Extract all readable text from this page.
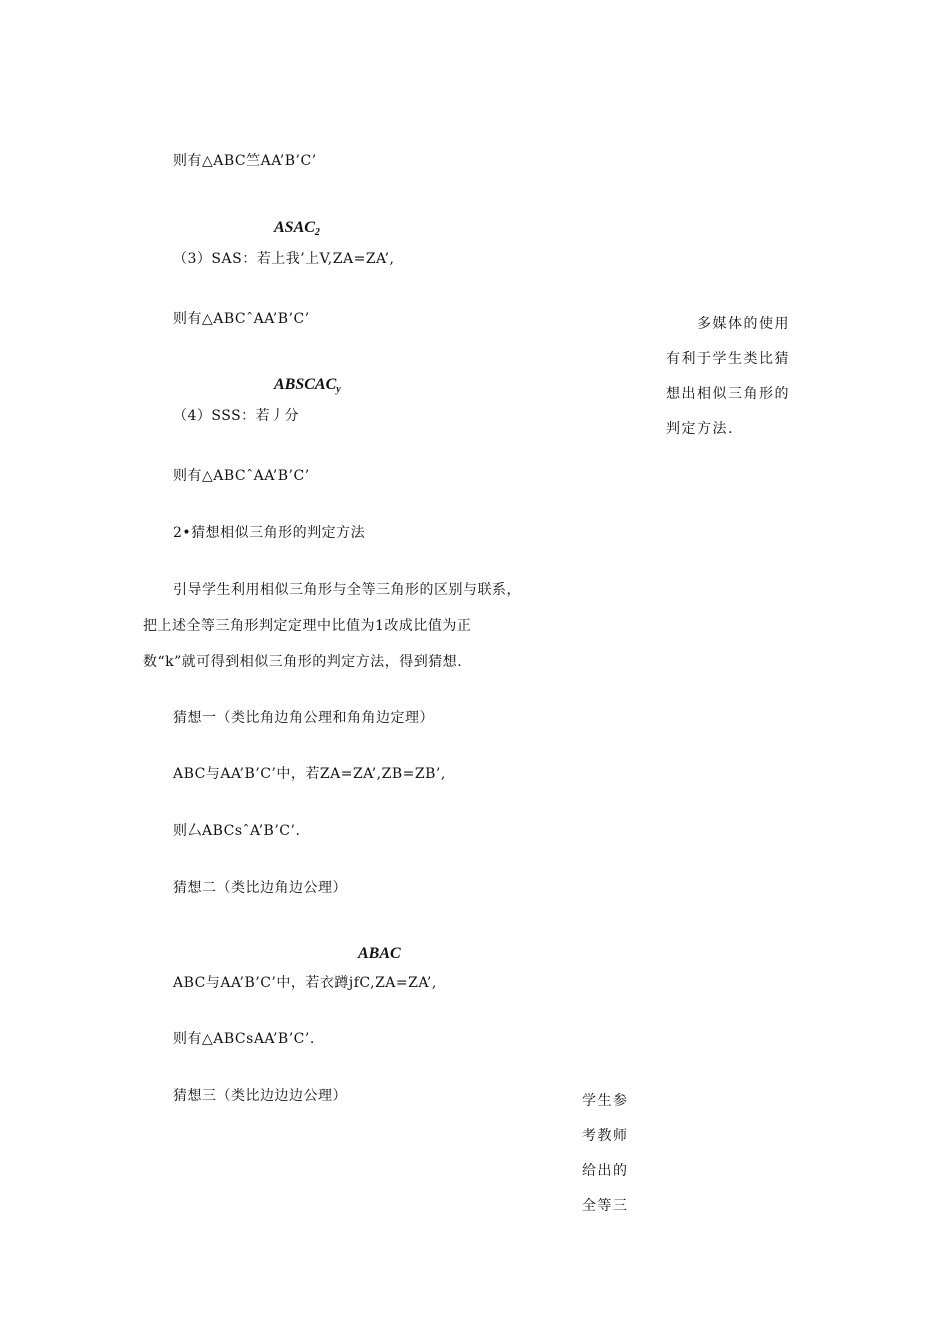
则有△ABC竺AA’B’C’
$ASAC_2$
（3）SAS：若上我’上V,ZA=ZA’,
则有△ABCˆAA’B’C’
$ABSCAC_y$
（4）SSS：若丿分
则有△ABCˆAA’B’C’
2•猜想相似三角形的判定方法
引导学生利用相似三角形与全等三角形的区别与联系，
把上述全等三角形判定定理中比值为1改成比值为正
数“k”就可得到相似三角形的判定方法，得到猜想.
猜想一（类比角边角公理和角角边定理）
ABC与AA’B’C’中，若ZA=ZA’,ZB=ZB’,
则厶ABCsˆA’B’C’.
猜想二（类比边角边公理）
ABAC
ABC与AA’B’C’中，若衣蹲jfC,ZA=ZA’,
则有△ABCsAA’B’C’.
猜想三（类比边边边公理）
多媒体的使用
有利于学生类比猜
想出相似三角形的
判定方法.
学生参
考教师
给出的
全等三
